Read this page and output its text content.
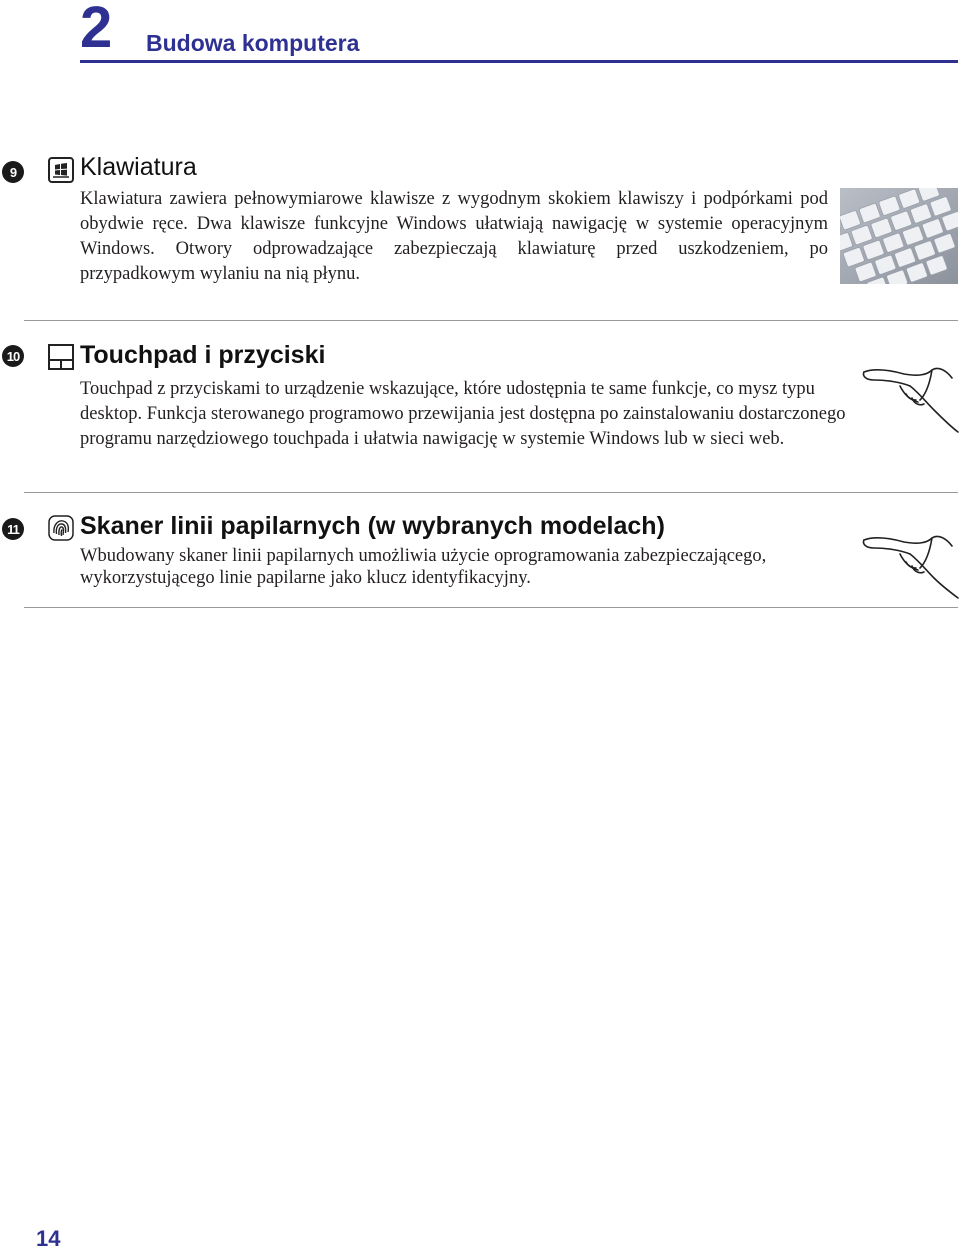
2 Budowa komputera
9	Klawiatura
Klawiatura zawiera pełnowymiarowe klawisze z wygodnym skokiem klawiszy i podpórkami pod obydwie ręce. Dwa klawisze funkcyjne Windows ułatwiają nawigację w systemie operacyjnym Windows. Otwory odprowadzające zabezpieczają klawiaturę przed uszkodzeniem, po przypadkowym wylaniu na nią płynu.
10 Touchpad i przyciski
Touchpad z przyciskami to urządzenie wskazujące, które udostępnia te same funkcje, co mysz typu desktop. Funkcja sterowanego programowo przewijania jest dostępna po zainstalowaniu dostarczonego programu narzędziowego touchpada i ułatwia nawigację w systemie Windows lub w sieci web.
11 Skaner linii papilarnych (w wybranych modelach)
Wbudowany skaner linii papilarnych umożliwia użycie oprogramowania zabezpieczającego, wykorzystującego linie papilarne jako klucz identyfikacyjny.
14
